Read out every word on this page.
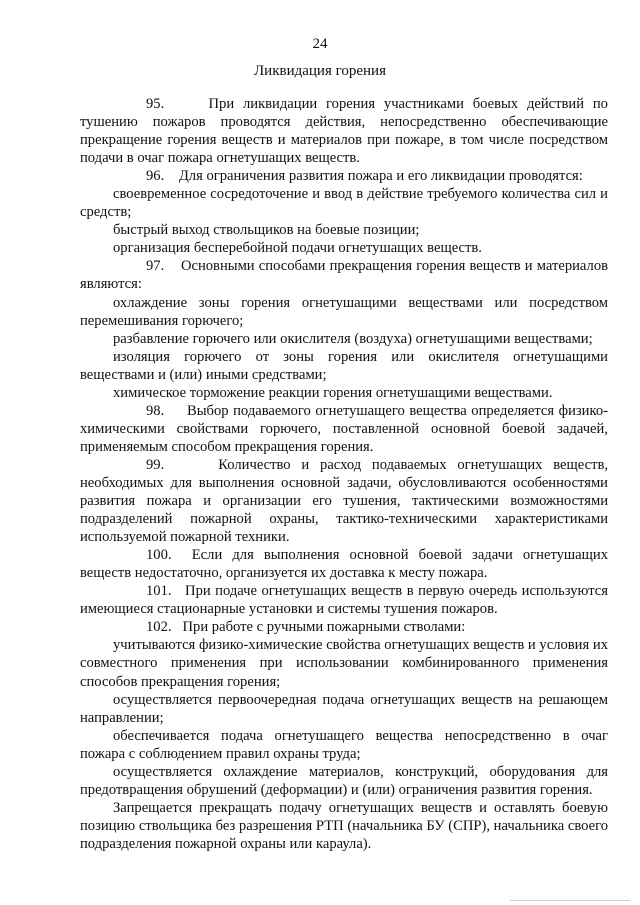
24
Ликвидация горения

95.	При ликвидации горения участниками боевых действий по тушению пожаров проводятся действия, непосредственно обеспечивающие прекращение горения веществ и материалов при пожаре, в том числе посредством подачи в очаг пожара огнетушащих веществ.

96. Для ограничения развития пожара и его ликвидации проводятся:

своевременное сосредоточение и ввод в действие требуемого количества сил и средств;

быстрый выход ствольщиков на боевые позиции;

организация бесперебойной подачи огнетушащих веществ.

97. Основными способами прекращения горения веществ и материалов являются:

охлаждение зоны горения огнетушащими веществами или посредством перемешивания горючего;

разбавление горючего или окислителя (воздуха) огнетушащими веществами;

изоляция горючего от зоны горения или окислителя огнетушащими веществами и (или) иными средствами;

химическое торможение реакции горения огнетушащими веществами.

98. Выбор подаваемого огнетушащего вещества определяется физико-химическими свойствами горючего, поставленной основной боевой задачей, применяемым способом прекращения горения.

99.	Количество и расход подаваемых огнетушащих веществ, необходимых для выполнения основной задачи, обусловливаются особенностями развития пожара и организации его тушения, тактическими возможностями подразделений пожарной охраны, тактико-техническими характеристиками используемой пожарной техники.

100. Если для выполнения основной боевой задачи огнетушащих веществ недостаточно, организуется их доставка к месту пожара.

101. При подаче огнетушащих веществ в первую очередь используются имеющиеся стационарные установки и системы тушения пожаров.

102. При работе с ручными пожарными стволами:

учитываются физико-химические свойства огнетушащих веществ и условия их совместного применения при использовании комбинированного применения способов прекращения горения;

осуществляется первоочередная подача огнетушащих веществ на решающем направлении;

обеспечивается подача огнетушащего вещества непосредственно в очаг пожара с соблюдением правил охраны труда;

осуществляется охлаждение материалов, конструкций, оборудования для предотвращения обрушений (деформации) и (или) ограничения развития горения.

Запрещается прекращать подачу огнетушащих веществ и оставлять боевую позицию ствольщика без разрешения РТП (начальника БУ (СПР), начальника своего подразделения пожарной охраны или караула).
